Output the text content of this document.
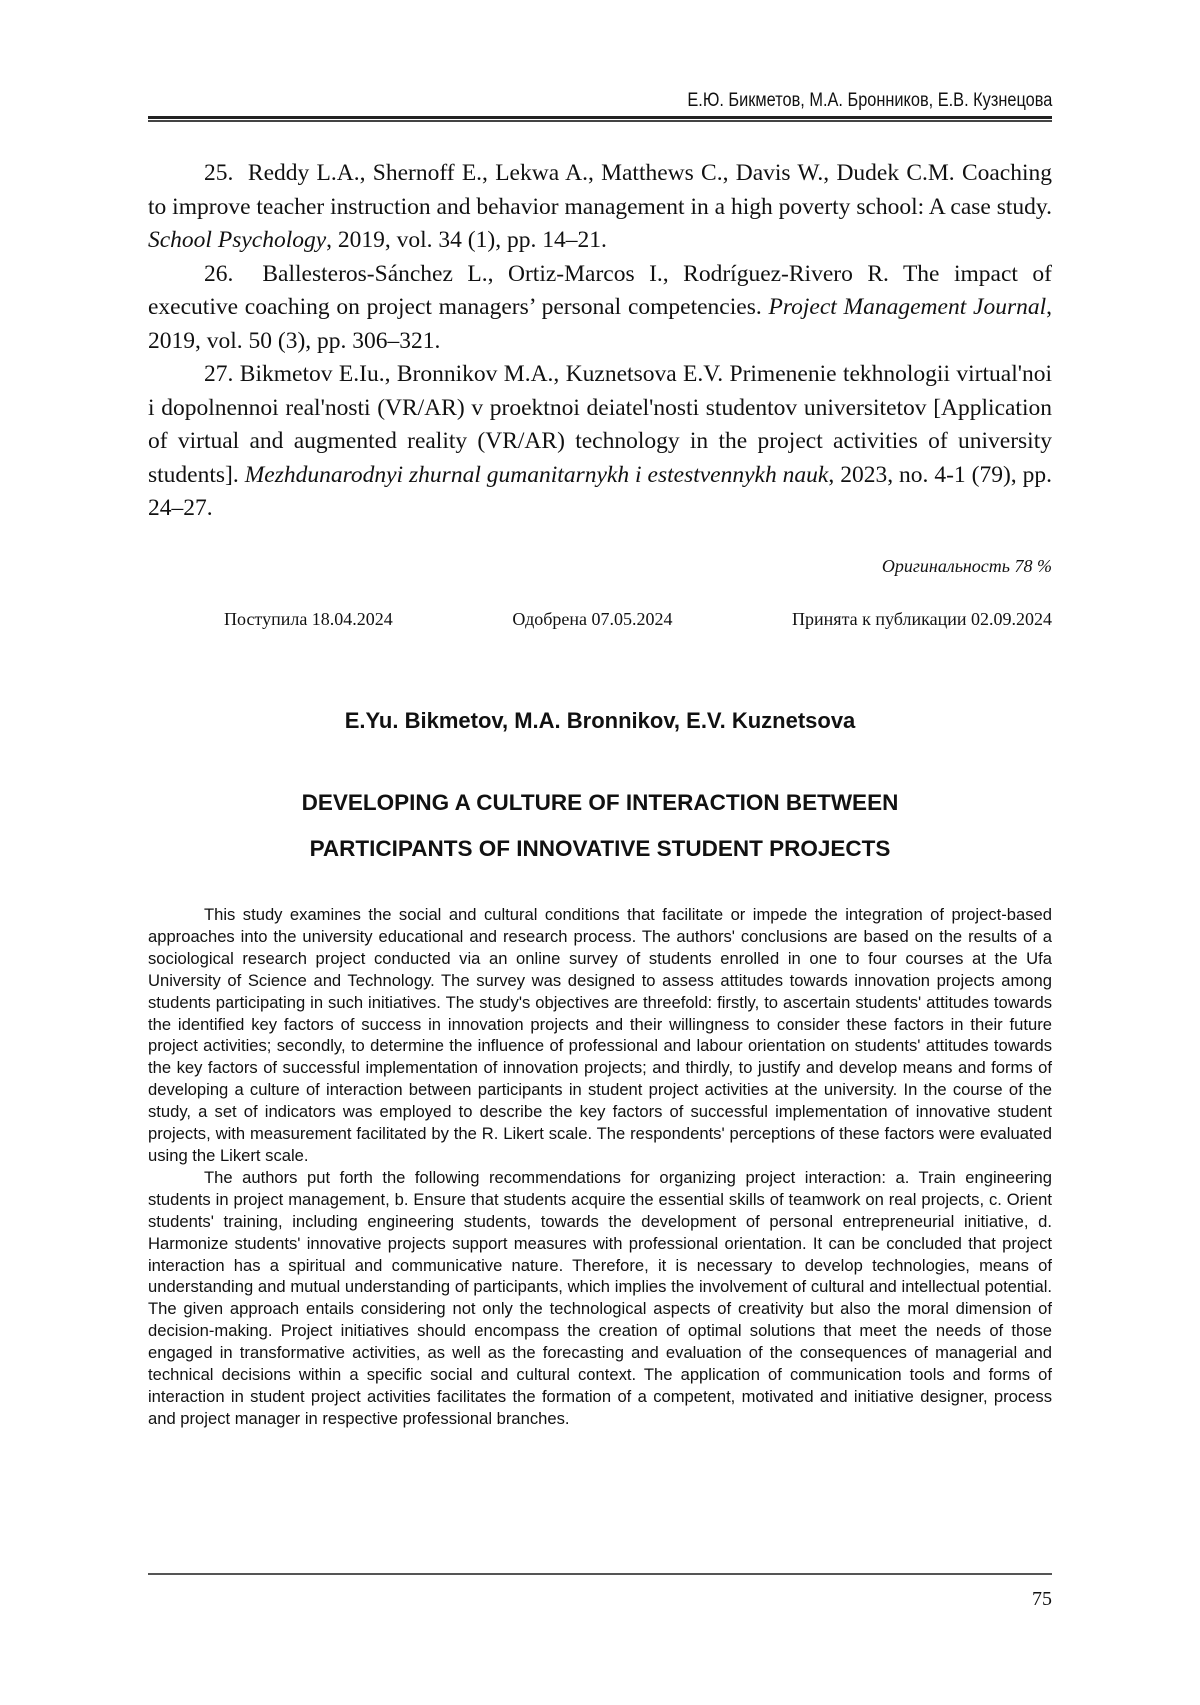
Е.Ю. Бикметов, М.А. Бронников, Е.В. Кузнецова

25. Reddy L.A., Shernoff E., Lekwa A., Matthews C., Davis W., Dudek C.M. Coaching to improve teacher instruction and behavior management in a high poverty school: A case study. School Psychology, 2019, vol. 34 (1), pp. 14–21.

26. Ballesteros-Sánchez L., Ortiz-Marcos I., Rodríguez-Rivero R. The impact of executive coaching on project managers’ personal competencies. Project Management Journal, 2019, vol. 50 (3), pp. 306–321.

27. Bikmetov E.Iu., Bronnikov M.A., Kuznetsova E.V. Primenenie tekhnologii virtual'noi i dopolnennoi real'nosti (VR/AR) v proektnoi deiatel'nosti studentov universitetov [Application of virtual and augmented reality (VR/AR) technology in the project activities of university students]. Mezhdunarodnyi zhurnal gumanitarnykh i estestvennykh nauk, 2023, no. 4-1 (79), pp. 24–27.

Оригинальность 78 %
Поступила 18.04.2024	Одобрена 07.05.2024	Принята к публикации 02.09.2024
E.Yu. Bikmetov, M.A. Bronnikov, E.V. Kuznetsova
DEVELOPING A CULTURE OF INTERACTION BETWEEN
PARTICIPANTS OF INNOVATIVE STUDENT PROJECTS

This study examines the social and cultural conditions that facilitate or impede the integration of project-based approaches into the university educational and research process. The authors' conclusions are based on the results of a sociological research project conducted via an online survey of students enrolled in one to four courses at the Ufa University of Science and Technology. The survey was designed to assess attitudes towards innovation projects among students participating in such initiatives. The study's objectives are threefold: firstly, to ascertain students' attitudes towards the identified key factors of success in innovation projects and their willingness to consider these factors in their future project activities; secondly, to determine the influence of professional and labour orientation on students' attitudes towards the key factors of successful implementation of innovation projects; and thirdly, to justify and develop means and forms of developing a culture of interaction between participants in student project activities at the university. In the course of the study, a set of indicators was employed to describe the key factors of successful implementation of innovative student projects, with measurement facilitated by the R. Likert scale. The respondents' perceptions of these factors were evaluated using the Likert scale.

The authors put forth the following recommendations for organizing project interaction: a. Train engineering students in project management, b. Ensure that students acquire the essential skills of teamwork on real projects, c. Orient students' training, including engineering students, towards the development of personal entrepreneurial initiative, d. Harmonize students' innovative projects support measures with professional orientation. It can be concluded that project interaction has a spiritual and communicative nature. Therefore, it is necessary to develop technologies, means of understanding and mutual understanding of participants, which implies the involvement of cultural and intellectual potential. The given approach entails considering not only the technological aspects of creativity but also the moral dimension of decision-making. Project initiatives should encompass the creation of optimal solutions that meet the needs of those engaged in transformative activities, as well as the forecasting and evaluation of the consequences of managerial and technical decisions within a specific social and cultural context. The application of communication tools and forms of interaction in student project activities facilitates the formation of a competent, motivated and initiative designer, process and project manager in respective professional branches.

75
